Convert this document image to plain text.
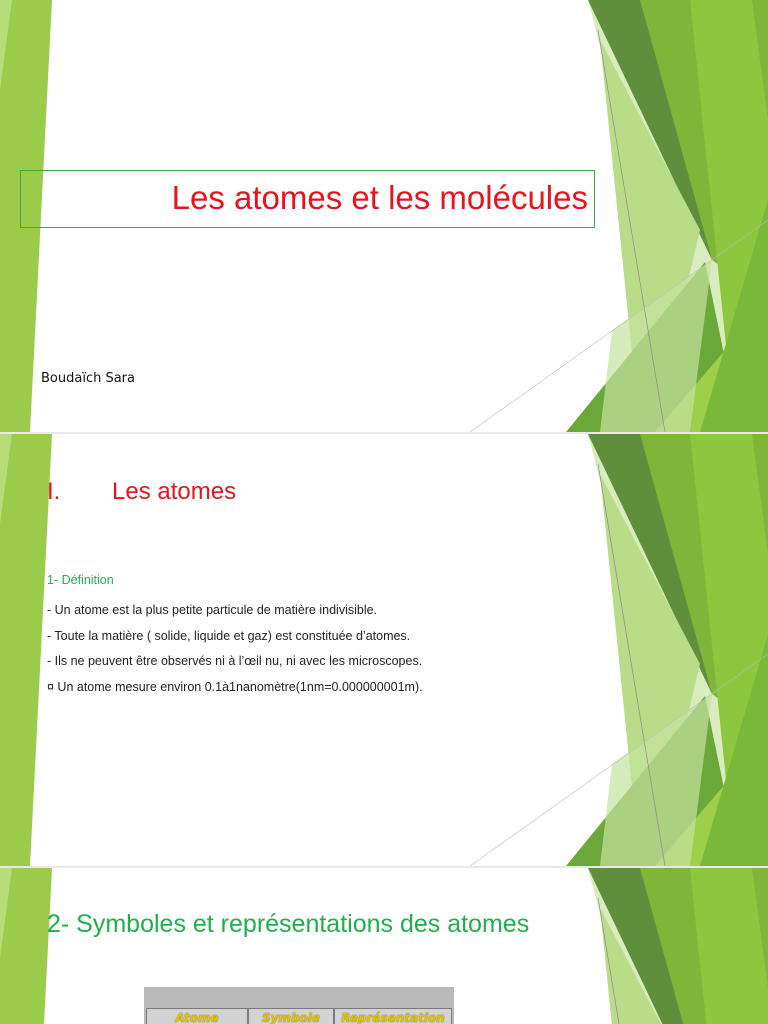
Les atomes et les molécules
Boudaïch Sara
I. Les atomes
1- Définition
- Un atome est la plus petite particule de matière indivisible.
- Toute la matière ( solide, liquide et gaz) est constituée d’atomes.
- Ils ne peuvent être observés ni à l’œil nu, ni avec les microscopes.
¤ Un atome mesure environ 0.1à1nanomètre(1nm=0.000000001m).
2- Symboles et représentations des atomes
Atome	Symbole	Représentation
